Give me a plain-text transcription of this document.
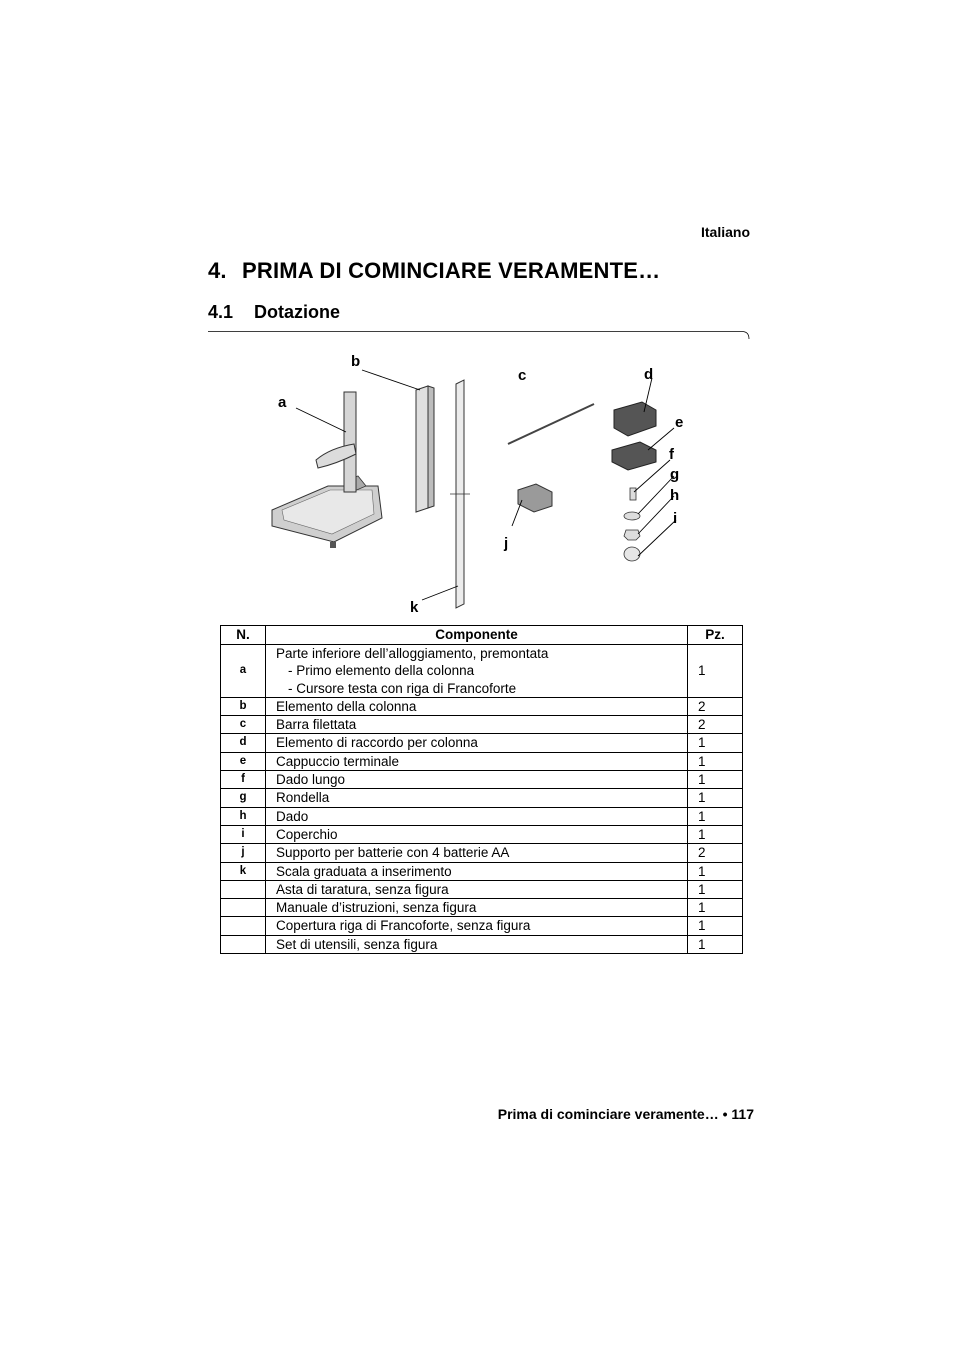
Italiano
4. PRIMA DI COMINCIARE VERAMENTE…
4.1 Dotazione
a
b
c	d
e
f
g
h
i
j
k
N.	Componente	Pz.
a	Parte inferiore dell’alloggiamento, premontata
- Primo elemento della colonna
- Cursore testa con riga di Francoforte	1
b	Elemento della colonna	2
c	Barra filettata	2
d	Elemento di raccordo per colonna	1
e	Cappuccio terminale	1
f	Dado lungo	1
g	Rondella	1
h	Dado	1
i	Coperchio	1
j	Supporto per batterie con 4 batterie AA	2
k	Scala graduata a inserimento	1
	Asta di taratura, senza figura	1
	Manuale d’istruzioni, senza figura	1
	Copertura riga di Francoforte, senza figura	1
	Set di utensili, senza figura	1
Prima di cominciare veramente… • 117
